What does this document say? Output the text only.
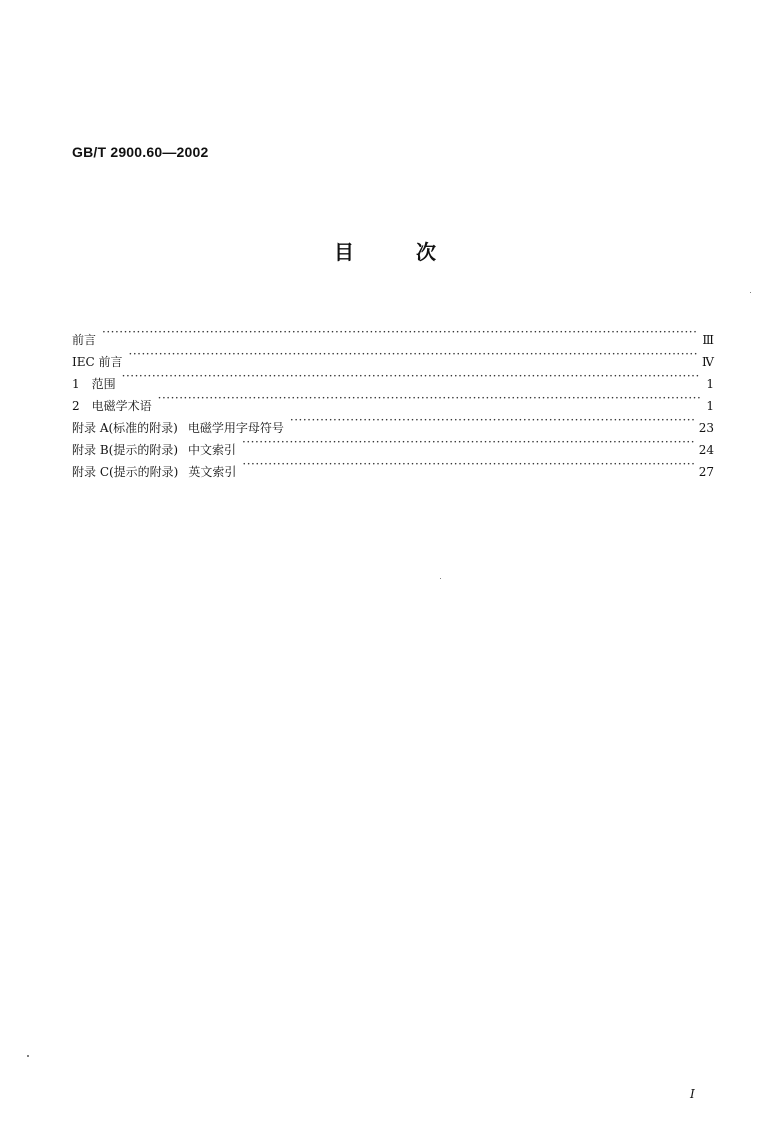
GB/T 2900.60—2002
目	次
前言 ·····	Ⅲ
IEC 前言 ·····	Ⅳ
1　范围 ·····	1
2　电磁学术语 ·····	1
附录 A(标准的附录) 电磁学用字母符号 ·····	23
附录 B(提示的附录) 中文索引 ·····	24
附录 C(提示的附录) 英文索引 ·····	27
I
